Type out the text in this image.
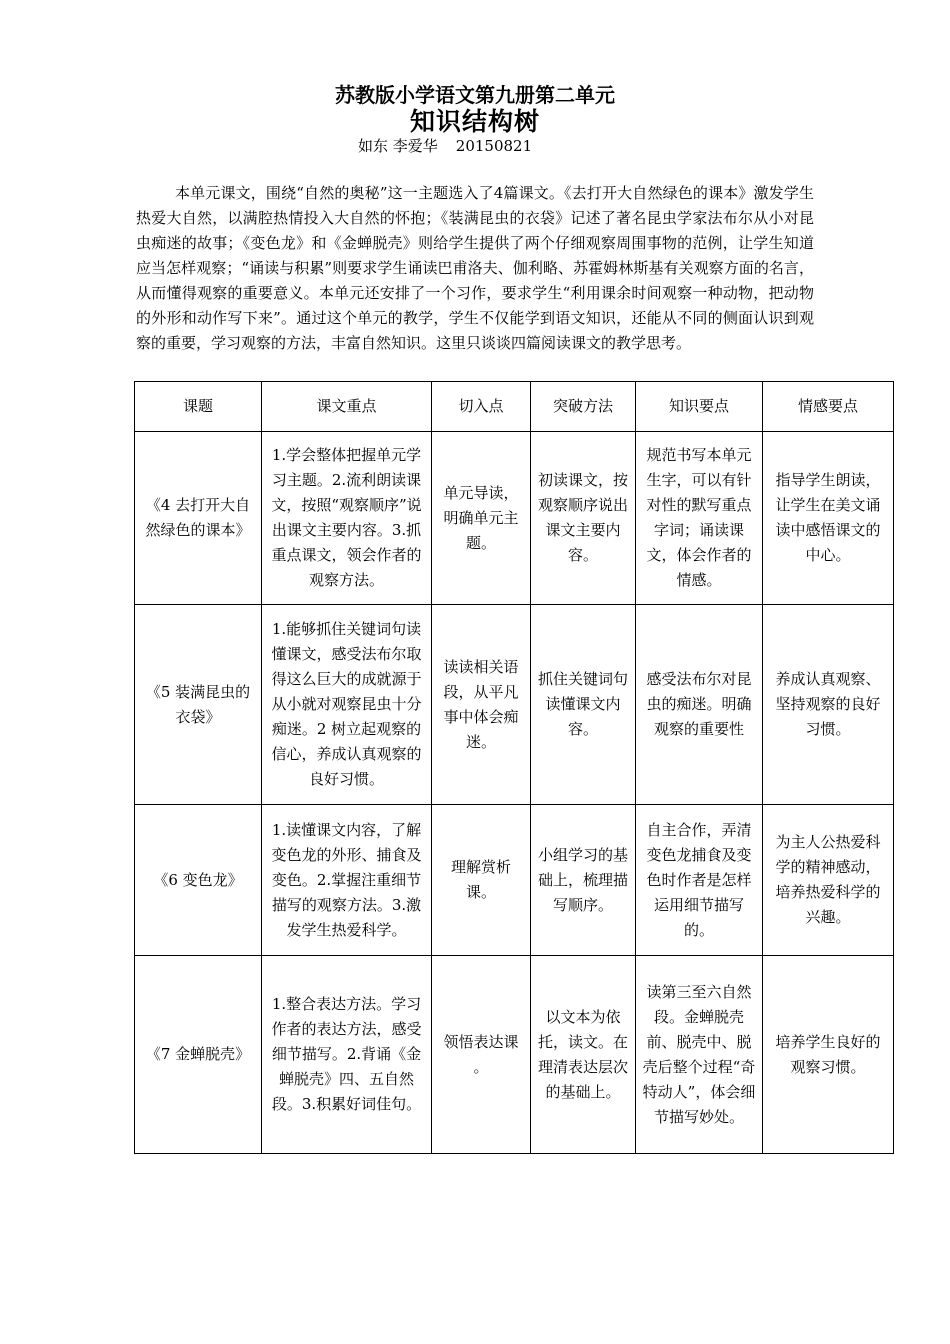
苏教版小学语文第九册第二单元
知识结构树
如东 李爱华 20150821

本单元课文，围绕“自然的奥秘”这一主题选入了4篇课文。《去打开大自然绿色的课本》激发学生热爱大自然，以满腔热情投入大自然的怀抱；《装满昆虫的衣袋》记述了著名昆虫学家法布尔从小对昆虫痴迷的故事；《变色龙》和《金蝉脱壳》则给学生提供了两个仔细观察周围事物的范例，让学生知道应当怎样观察；“诵读与积累”则要求学生诵读巴甫洛夫、伽利略、苏霍姆林斯基有关观察方面的名言，从而懂得观察的重要意义。本单元还安排了一个习作，要求学生“利用课余时间观察一种动物，把动物的外形和动作写下来”。通过这个单元的教学，学生不仅能学到语文知识，还能从不同的侧面认识到观察的重要，学习观察的方法，丰富自然知识。这里只谈谈四篇阅读课文的教学思考。

课题	课文重点	切入点	突破方法	知识要点	情感要点
《4 去打开大自然绿色的课本》	1.学会整体把握单元学习主题。2.流利朗读课文，按照“观察顺序”说出课文主要内容。3.抓重点课文，领会作者的观察方法。	单元导读，明确单元主题。	初读课文，按观察顺序说出课文主要内容。	规范书写本单元生字，可以有针对性的默写重点字词；诵读课文，体会作者的情感。	指导学生朗读，让学生在美文诵读中感悟课文的中心。
《5 装满昆虫的衣袋》	1.能够抓住关键词句读懂课文，感受法布尔取得这么巨大的成就源于从小就对观察昆虫十分痴迷。2 树立起观察的信心，养成认真观察的良好习惯。	读读相关语段，从平凡事中体会痴迷。	抓住关键词句读懂课文内容。	感受法布尔对昆虫的痴迷。明确观察的重要性	养成认真观察、坚持观察的良好习惯。
《6 变色龙》	1.读懂课文内容，了解变色龙的外形、捕食及变色。2.掌握注重细节描写的观察方法。3.激发学生热爱科学。	理解赏析课。	小组学习的基础上，梳理描写顺序。	自主合作，弄清变色龙捕食及变色时作者是怎样运用细节描写的。	为主人公热爱科学的精神感动，培养热爱科学的兴趣。
《7 金蝉脱壳》	1.整合表达方法。学习作者的表达方法，感受细节描写。2.背诵《金蝉脱壳》四、五自然段。3.积累好词佳句。	领悟表达课 。	以文本为依托，读文。在理清表达层次的基础上。	读第三至六自然段。金蝉脱壳前、脱壳中、脱壳后整个过程“奇特动人”，体会细节描写妙处。	培养学生良好的观察习惯。
